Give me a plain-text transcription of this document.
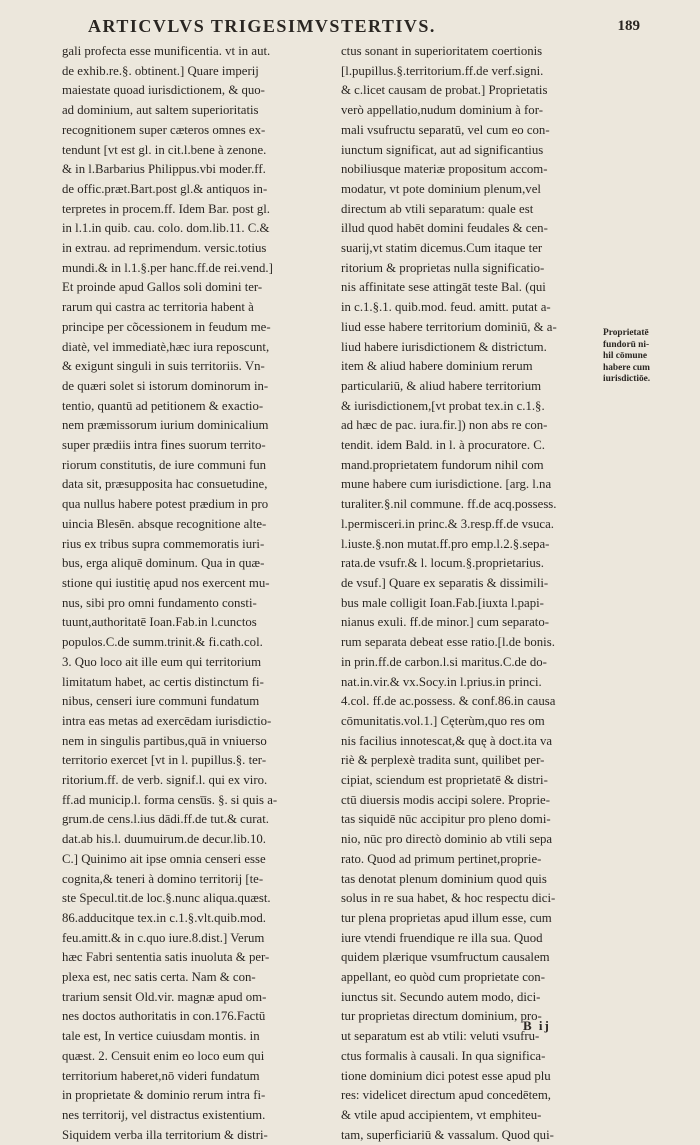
ARTICVLVS TRIGESIMVSTERTIVS.	189
gali profecta esse munificentia. vt in aut.
de exhib.re.§. obtinent.] Quare imperij
maiestate quoad iurisdictionem, & quo-
ad dominium, aut saltem superioritatis
recognitionem super cæteros omnes ex-
tendunt [vt est gl. in cit.l.bene à zenone.
& in l.Barbarius Philippus.vbi moder.ff.
de offic.præt.Bart.post gl.& antiquos in-
terpretes in procem.ff. Idem Bar. post gl.
in l.1.in quib. cau. colo. dom.lib.11. C.&
in extrau. ad reprimendum. versic.totius
mundi.& in l.1.§.per hanc.ff.de rei.vend.]
Et proinde apud Gallos soli domini ter-
rarum qui castra ac territoria habent à
principe per cõcessionem in feudum me-
diatè, vel immediatè,hæc iura reposcunt,
& exigunt singuli in suis territoriis. Vn-
de quæri solet si istorum dominorum in-
tentio, quantū ad petitionem & exactio-
nem præmissorum iurium dominicalium
super prædiis intra fines suorum territo-
riorum constitutis, de iure communi fun
data sit, præsupposita hac consuetudine,
qua nullus habere potest prædium in pro
uincia Blesēn. absque recognitione alte-
rius ex tribus supra commemoratis iuri-
bus, erga aliquē dominum. Qua in quæ-
stione qui iustitię apud nos exercent mu-
nus, sibi pro omni fundamento consti-
tuunt,authoritatē Ioan.Fab.in l.cunctos
populos.C.de summ.trinit.& fi.cath.col.
3. Quo loco ait ille eum qui territorium
limitatum habet, ac certis distinctum fi-
nibus, censeri iure communi fundatum
intra eas metas ad exercēdam iurisdictio-
nem in singulis partibus,quā in vniuerso
territorio exercet [vt in l. pupillus.§. ter-
ritorium.ff. de verb. signif.l. qui ex viro.
ff.ad municip.l. forma censu̅s. §. si quis a-
grum.de cens.l.ius dādi.ff.de tut.& curat.
dat.ab his.l. duumuirum.de decur.lib.10.
C.] Quinimo ait ipse omnia censeri esse
cognita,& teneri à domino territorij [te-
ste Specul.tit.de loc.§.nunc aliqua.quæst.
86.adducitque tex.in c.1.§.vlt.quib.mod.
feu.amitt.& in c.quo iure.8.dist.] Verum
hæc Fabri sententia satis inuoluta & per-
plexa est, nec satis certa. Nam & con-
trarium sensit Old.vir. magnæ apud om-
nes doctos authoritatis in con.176.Factū
tale est, In vertice cuiusdam montis. in
quæst. 2. Censuit enim eo loco eum qui
territorium haberet,nō videri fundatum
in proprietate & dominio rerum intra fi-
nes territorij, vel distractus existentium.
Siquidem verba illa territorium & distri-
ctus sonant in superioritatem coertionis
[l.pupillus.§.territorium.ff.de verf.signi.
& c.licet causam de probat.] Proprietatis
verò appellatio,nudum dominium à for-
mali vsufructu separatū, vel cum eo con-
iunctum significat, aut ad significantius
nobiliusque materiæ propositum accom-
modatur, vt pote dominium plenum,vel
directum ab vtili separatum: quale est
illud quod habēt domini feudales & cen-
suarij,vt statim dicemus.Cum itaque ter
ritorium & proprietas nulla significatio-
nis affinitate sese attingāt teste Bal. (qui
in c.1.§.1. quib.mod. feud. amitt. putat a-
liud esse habere territorium dominiū, & a-
liud habere iurisdictionem & districtum.
item & aliud habere dominium rerum
particulariū, & aliud habere territorium
& iurisdictionem,[vt probat tex.in c.1.§.
ad hæc de pac. iura.fir.]) non abs re con-
tendit. idem Bald. in l. à procuratore. C.
mand.proprietatem fundorum nihil com
mune habere cum iurisdictione. [arg. l.na
turaliter.§.nil commune. ff.de acq.possess.
l.permisceri.in princ.& 3.resp.ff.de vsuca.
l.iuste.§.non mutat.ff.pro emp.l.2.§.sepa-
rata.de vsufr.& l. locum.§.proprietarius.
de vsuf.] Quare ex separatis & dissimili-
bus male colligit Ioan.Fab.[iuxta l.papi-
nianus exuli. ff.de minor.] cum separato-
rum separata debeat esse ratio.[l.de bonis.
in prin.ff.de carbon.l.si maritus.C.de do-
nat.in.vir.& vx.Socy.in l.prius.in princi.
4.col. ff.de ac.possess. & conf.86.in causa
cōmunitatis.vol.1.] Cęterùm,quo res om
nis facilius innotescat,& quę à doct.ita va
riè & perplexè tradita sunt, quilibet per-
cipiat, sciendum est proprietatē & distri-
ctū diuersis modis accipi solere. Proprie-
tas siquidē nūc accipitur pro pleno domi-
nio, nūc pro directò dominio ab vtili sepa
rato. Quod ad primum pertinet,proprie-
tas denotat plenum dominium quod quis
solus in re sua habet, & hoc respectu dici-
tur plena proprietas apud illum esse, cum
iure vtendi fruendique re illa sua. Quod
quidem plærique vsumfructum causalem
appellant, eo quòd cum proprietate con-
iunctus sit. Secundo autem modo, dici-
tur proprietas directum dominium, pro-
ut separatum est ab vtili: veluti vsufru-
ctus formalis à causali. In qua significa-
tione dominium dici potest esse apud plu
res: videlicet directum apud concedētem,
& vtile apud accipientem, vt emphiteu-
tam, superficiariū & vassalum. Quod qui-
Proprietatē
fundorū ni-
hil cōmune
habere cum
iurisdictiōe.
B ij
